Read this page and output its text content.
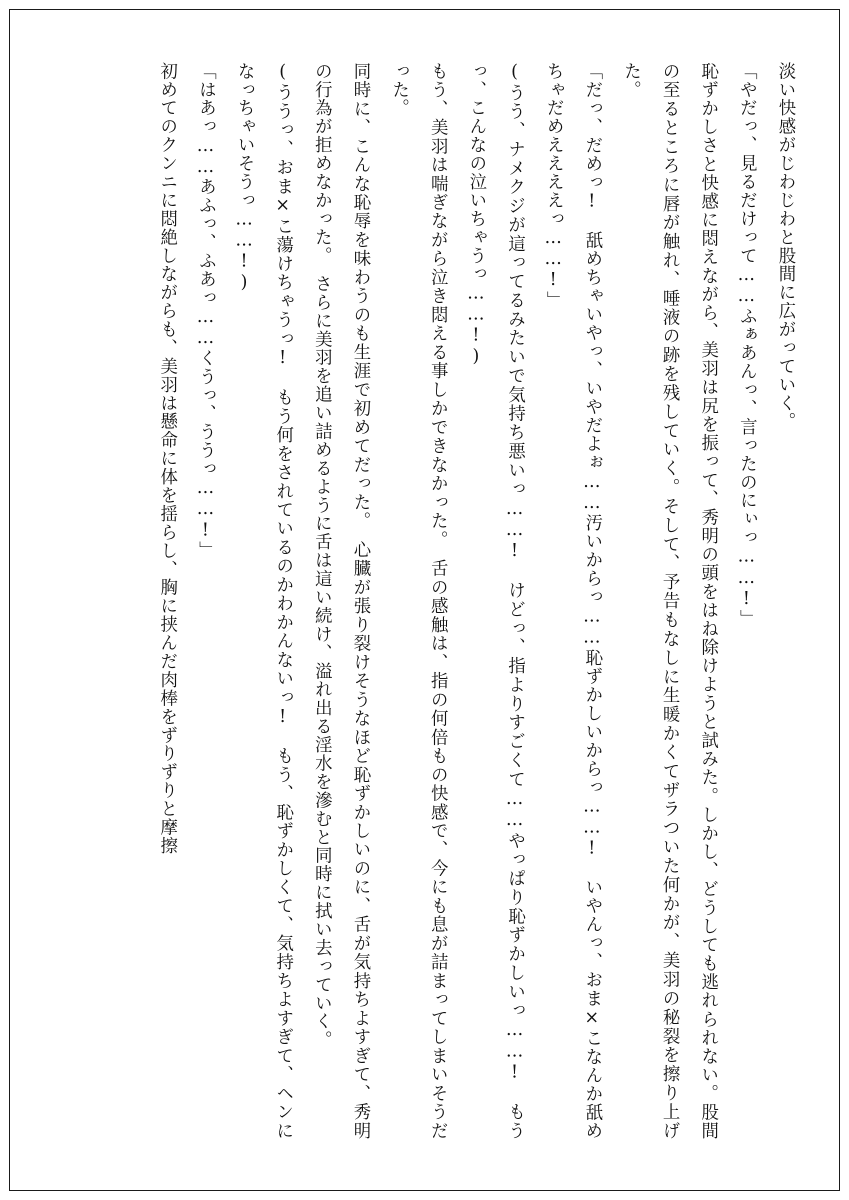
淡い快感がじわじわと股間に広がっていく。

「やだっ、見るだけって……ふぁあんっ、言ったのにぃっ……!」

恥ずかしさと快感に悶えながら、美羽は尻を振って、秀明の頭をはね除けようと試みた。しかし、どうしても逃れられない。股間の至るところに唇が触れ、唾液の跡を残していく。そして、予告もなしに生暖かくてザラついた何かが、美羽の秘裂を擦り上げた。

「だっ、だめっ!　舐めちゃいやっ、いやだよぉ……汚いからっ……恥ずかしいからっ……!　いやんっ、おま×こなんか舐めちゃだめええええっ……!」

(うう、ナメクジが這ってるみたいで気持ち悪いっ……!　けどっ、指よりすごくて……やっぱり恥ずかしいっ……!　もうっ、こんなの泣いちゃうっ……!)

もう、美羽は喘ぎながら泣き悶える事しかできなかった。　舌の感触は、指の何倍もの快感で、今にも息が詰まってしまいそうだった。

同時に、こんな恥辱を味わうのも生涯で初めてだった。　心臓が張り裂けそうなほど恥ずかしいのに、舌が気持ちよすぎて、秀明の行為が拒めなかった。　さらに美羽を追い詰めるように舌は這い続け、溢れ出る淫水を滲むと同時に拭い去っていく。

(ううっ、おま×こ蕩けちゃうっ!　もう何をされているのかわかんないっ!　もう、恥ずかしくて、気持ちよすぎて、ヘンになっちゃいそうっ……!)

「はあっ……あふっ、ふあっ……くうっ、ううっ……!」

初めてのクンニに悶絶しながらも、美羽は懸命に体を揺らし、胸に挟んだ肉棒をずりずりと摩擦
